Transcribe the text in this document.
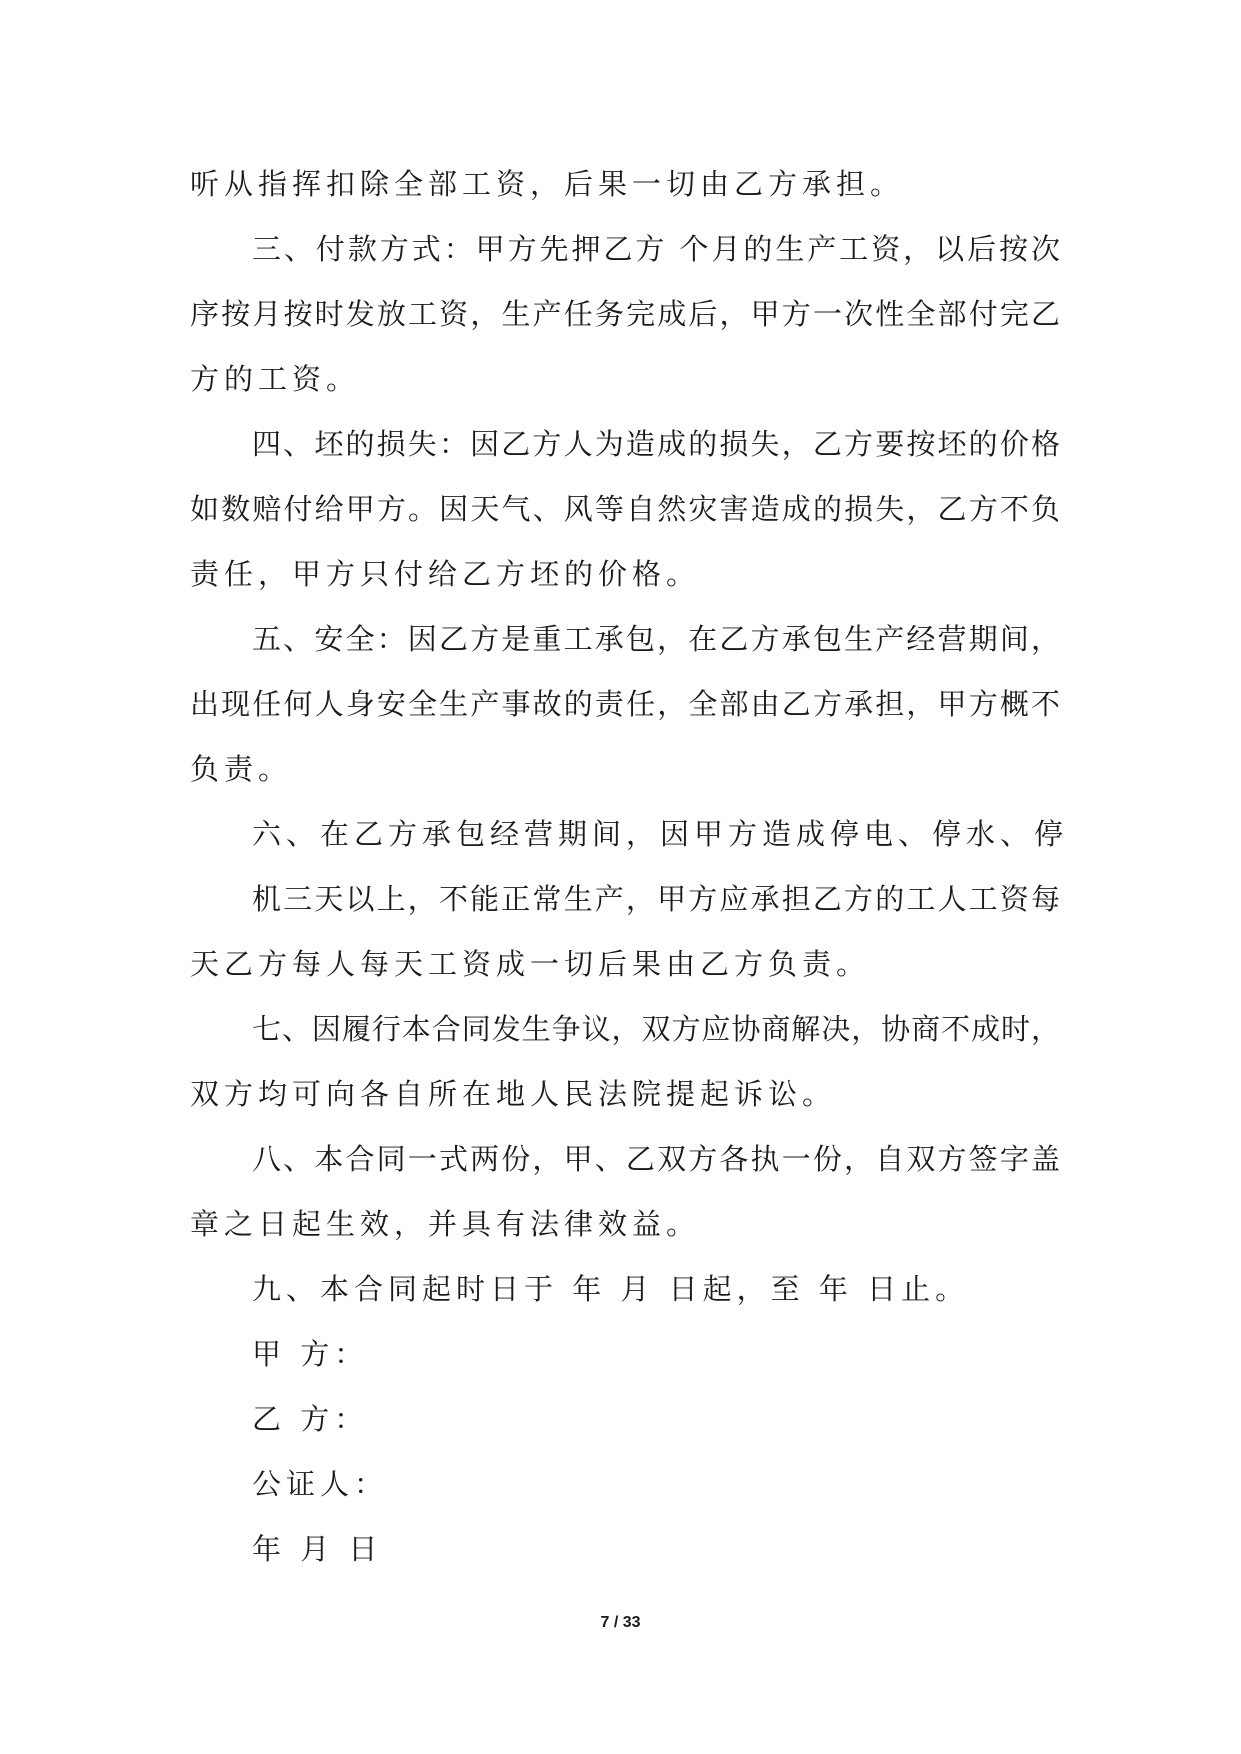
听从指挥扣除全部工资，后果一切由乙方承担。

三、付款方式：甲方先押乙方 个月的生产工资，以后按次

序按月按时发放工资，生产任务完成后，甲方一次性全部付完乙

方的工资。

四、坯的损失：因乙方人为造成的损失，乙方要按坯的价格

如数赔付给甲方。因天气、风等自然灾害造成的损失，乙方不负

责任，甲方只付给乙方坯的价格。

五、安全：因乙方是重工承包，在乙方承包生产经营期间，

出现任何人身安全生产事故的责任，全部由乙方承担，甲方概不

负责。

六、在乙方承包经营期间，因甲方造成停电、停水、停

机三天以上，不能正常生产，甲方应承担乙方的工人工资每

天乙方每人每天工资成一切后果由乙方负责。

七、因履行本合同发生争议，双方应协商解决，协商不成时，

双方均可向各自所在地人民法院提起诉讼。

八、本合同一式两份，甲、乙双方各执一份，自双方签字盖

章之日起生效，并具有法律效益。

九、本合同起时日于 年 月 日起，至 年 日止。

甲 方：

乙 方：

公证人：

年 月 日

7 / 33
